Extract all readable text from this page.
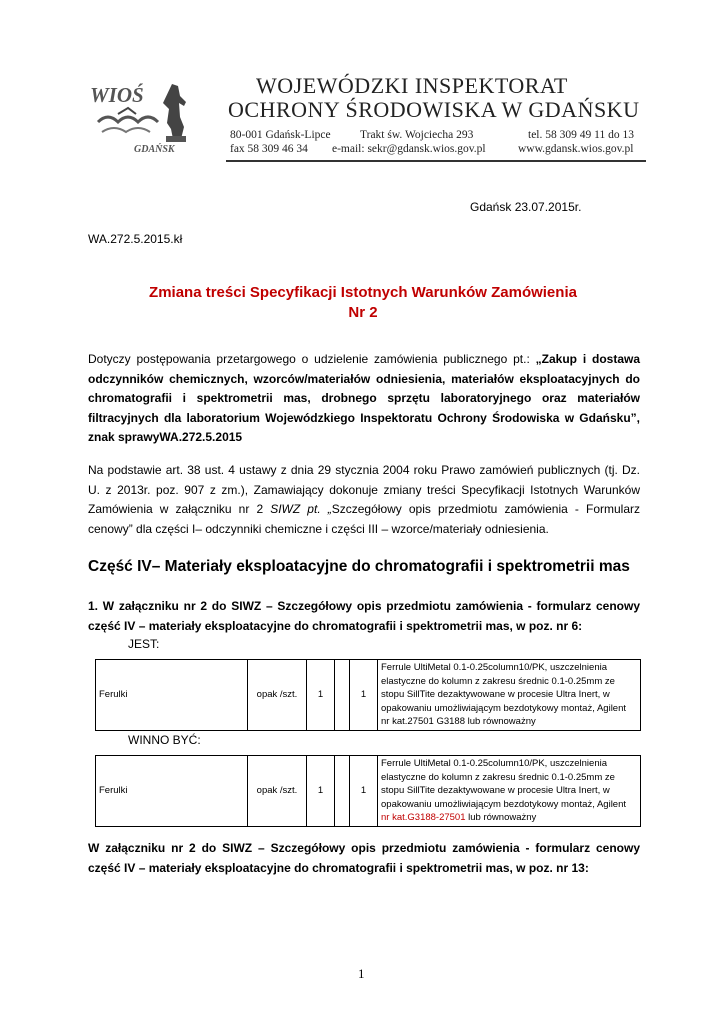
WIOŚ
GDAŃSK
WOJEWÓDZKI INSPEKTORAT
OCHRONY ŚRODOWISKA W GDAŃSKU
80-001 Gdańsk-Lipce	Trakt św. Wojciecha 293	tel. 58 309 49 11 do 13
fax 58 309 46 34 e-mail: sekr@gdansk.wios.gov.pl	www.gdansk.wios.gov.pl
Gdańsk 23.07.2015r.
WA.272.5.2015.kł
Zmiana treści Specyfikacji Istotnych Warunków Zamówienia
Nr 2
Dotyczy postępowania przetargowego o udzielenie zamówienia publicznego pt.: „Zakup i dostawa odczynników chemicznych, wzorców/materiałów odniesienia, materiałów eksploatacyjnych do chromatografii i spektrometrii mas, drobnego sprzętu laboratoryjnego oraz materiałów filtracyjnych dla laboratorium Wojewódzkiego Inspektoratu Ochrony Środowiska w Gdańsku”, znak sprawyWA.272.5.2015
Na podstawie art. 38 ust. 4 ustawy z dnia 29 stycznia 2004 roku Prawo zamówień publicznych (tj. Dz. U. z 2013r. poz. 907 z zm.), Zamawiający dokonuje zmiany treści Specyfikacji Istotnych Warunków Zamówienia w załączniku nr 2 SIWZ pt. „Szczegółowy opis przedmiotu zamówienia - Formularz cenowy” dla części I– odczynniki chemiczne i części III – wzorce/materiały odniesienia.
Część IV– Materiały eksploatacyjne do chromatografii i spektrometrii mas
1. W załączniku nr 2 do SIWZ – Szczegółowy opis przedmiotu zamówienia - formularz cenowy część IV – materiały eksploatacyjne do chromatografii i spektrometrii mas, w poz. nr 6:
JEST:
Ferulki	opak /szt.	1		1	Ferrule UltiMetal 0.1-0.25column10/PK, uszczelnienia elastyczne do kolumn z zakresu średnic 0.1-0.25mm ze stopu SillTite dezaktywowane w procesie Ultra Inert, w opakowaniu umożliwiającym bezdotykowy montaż, Agilent nr kat.27501 G3188 lub równoważny
WINNO BYĆ:
Ferulki	opak /szt.	1		1	Ferrule UltiMetal 0.1-0.25column10/PK, uszczelnienia elastyczne do kolumn z zakresu średnic 0.1-0.25mm ze stopu SillTite dezaktywowane w procesie Ultra Inert, w opakowaniu umożliwiającym bezdotykowy montaż, Agilent nr kat.G3188-27501 lub równoważny
W załączniku nr 2 do SIWZ – Szczegółowy opis przedmiotu zamówienia - formularz cenowy część IV – materiały eksploatacyjne do chromatografii i spektrometrii mas, w poz. nr 13:
1
